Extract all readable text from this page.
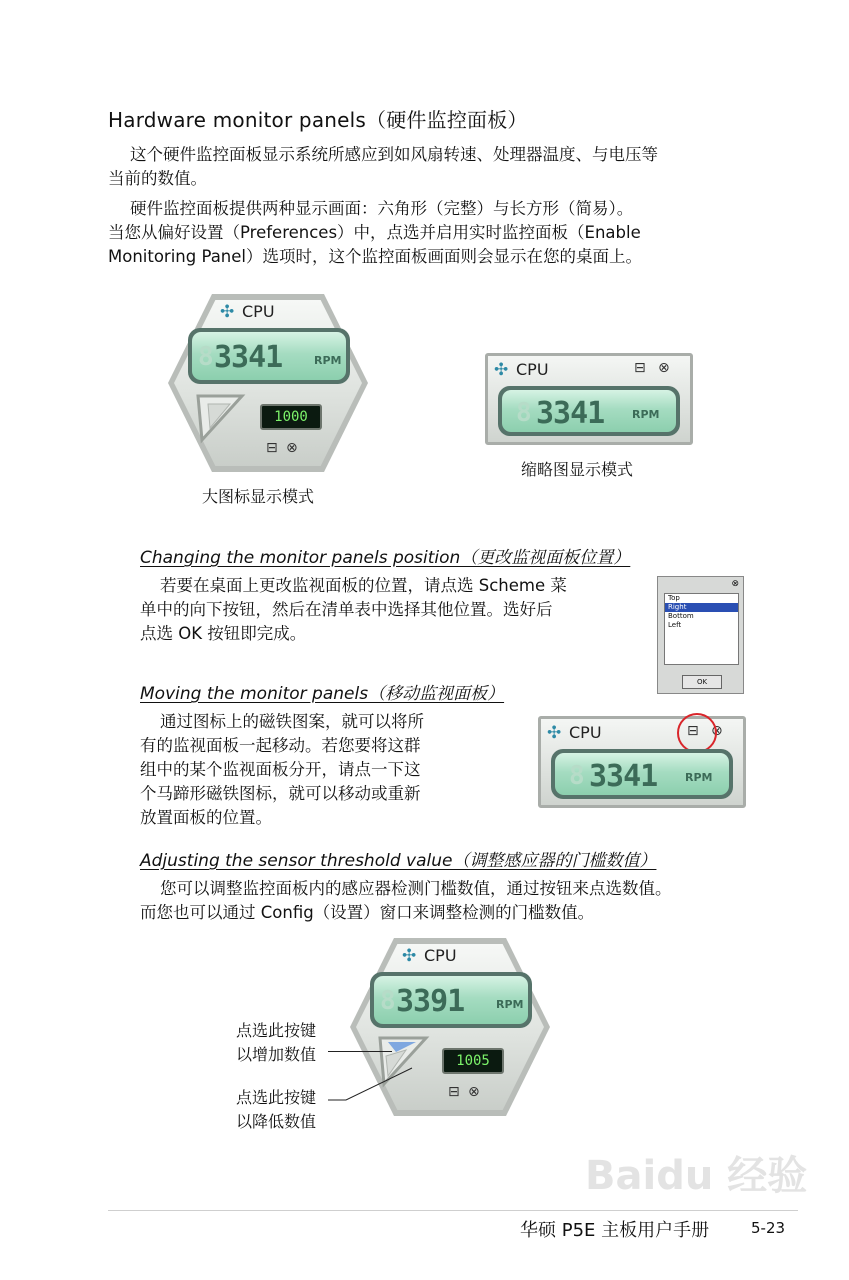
Hardware monitor panels（硬件监控面板）
这个硬件监控面板显示系统所感应到如风扇转速、处理器温度、与电压等
当前的数值。
硬件监控面板提供两种显示画面：六角形（完整）与长方形（简易）。
当您从偏好设置（Preferences）中，点选并启用实时监控面板（Enable
Monitoring Panel）选项时，这个监控面板画面则会显示在您的桌面上。
✣ CPU
8 3341	RPM
1000
⊟ ⊗
大图标显示模式
✣ CPU	⊟ ⊗
8 3341	RPM
缩略图显示模式
Changing the monitor panels position（更改监视面板位置）
若要在桌面上更改监视面板的位置，请点选 Scheme 菜
单中的向下按钮，然后在清单表中选择其他位置。选好后
点选 OK 按钮即完成。
⊗
Top
Right
Bottom
Left
OK
Moving the monitor panels（移动监视面板）
通过图标上的磁铁图案，就可以将所
有的监视面板一起移动。若您要将这群
组中的某个监视面板分开，请点一下这
个马蹄形磁铁图标，就可以移动或重新
放置面板的位置。
✣ CPU	⊟ ⊗
8 3341	RPM
Adjusting the sensor threshold value（调整感应器的门槛数值）
您可以调整监控面板内的感应器检测门槛数值，通过按钮来点选数值。
而您也可以通过 Config（设置）窗口来调整检测的门槛数值。
✣ CPU
8 3391	RPM
1005
⊟ ⊗
点选此按键
以增加数值
点选此按键
以降低数值
Baidu 经验
华硕 P5E 主板用户手册	5-23
